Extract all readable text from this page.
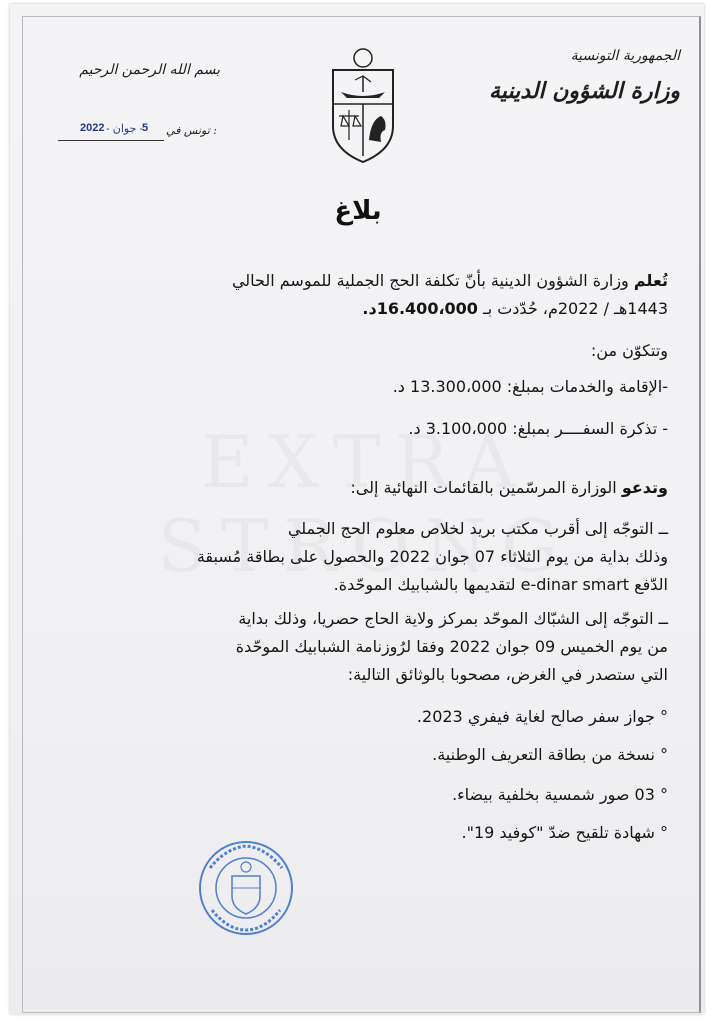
الجمهورية التونسية
وزارة الشؤون الدينية
بسم الله الرحمن الرحيم
تونس في :
5
- جوان -
2022
بلاغ
تُعلم وزارة الشؤون الدينية بأنّ تكلفة الحج الجملية للموسم الحالي
1443هـ / 2022م، حُدّدت بـ 16.400،000د.
وتتكوّن من:
-الإقامة والخدمات بمبلغ: 13.300،000 د.
- تذكرة السفــــر بمبلغ: 3.100،000 د.
وتدعو الوزارة المرسّمين بالقائمات النهائية إلى:
ــ التوجّه إلى أقرب مكتب بريد لخلاص معلوم الحج الجملي
وذلك بداية من يوم الثلاثاء 07 جوان 2022 والحصول على بطاقة مُسبقة
الدّفع e-dinar smart لتقديمها بالشبابيك الموحّدة.
ــ التوجّه إلى الشبّاك الموحّد بمركز ولاية الحاج حصريا، وذلك بداية
من يوم الخميس 09 جوان 2022 وفقا لرُوزنامة الشبابيك الموحّدة
التي ستصدر في الغرض، مصحوبا بالوثائق التالية:
° جواز سفر صالح لغاية فيفري 2023.
° نسخة من بطاقة التعريف الوطنية.
° 03 صور شمسية بخلفية بيضاء.
° شهادة تلقيح ضدّ "كوفيد 19".
